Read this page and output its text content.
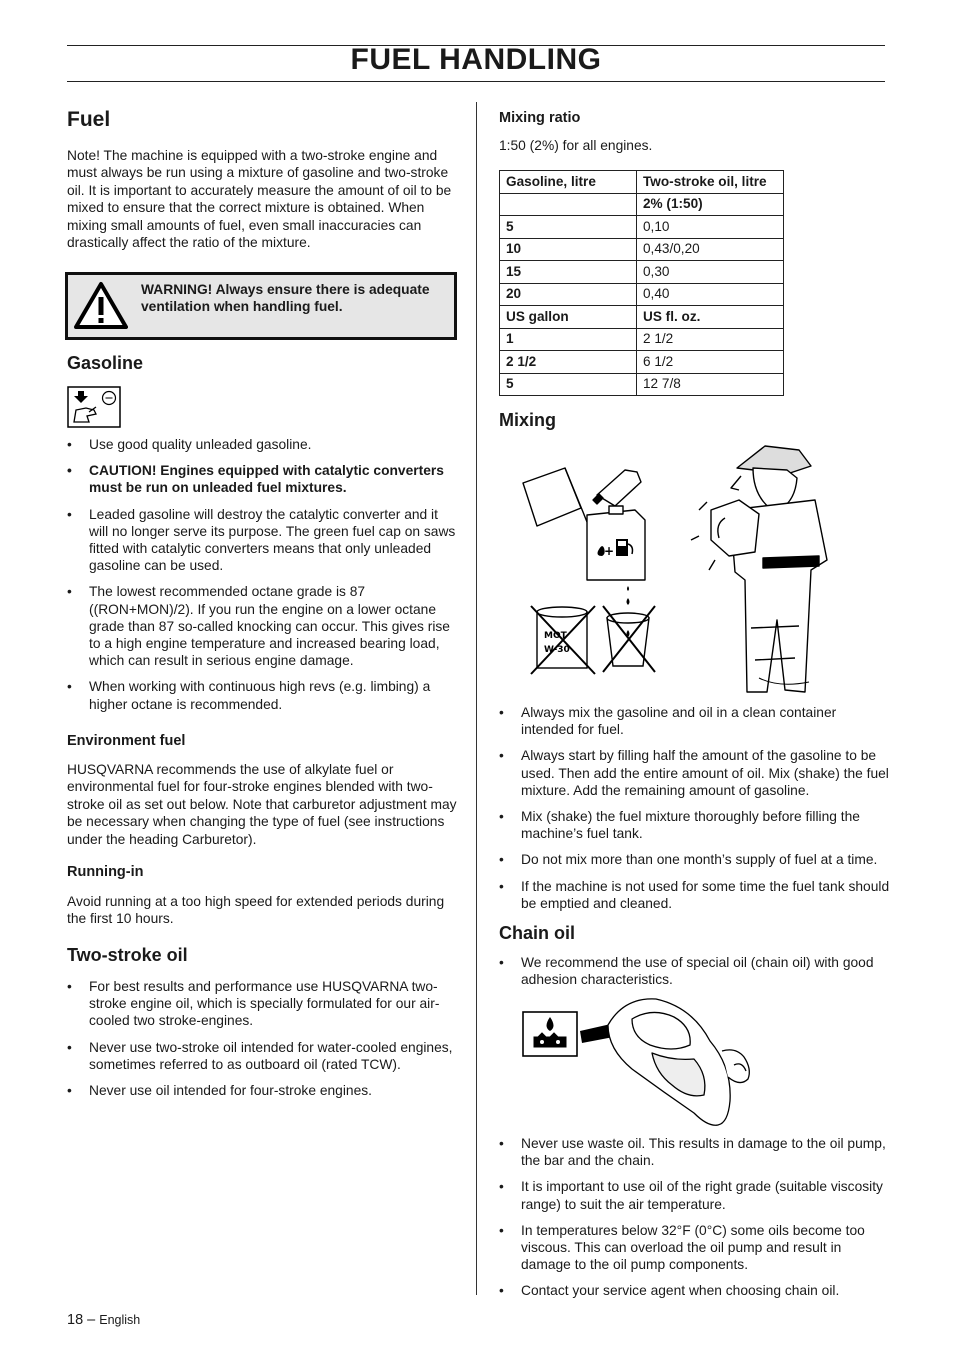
FUEL HANDLING
Fuel

Note! The machine is equipped with a two-stroke engine and must always be run using a mixture of gasoline and two-stroke oil. It is important to accurately measure the amount of oil to be mixed to ensure that the correct mixture is obtained. When mixing small amounts of fuel, even small inaccuracies can drastically affect the ratio of the mixture.

WARNING! Always ensure there is adequate ventilation when handling fuel.
Gasoline
• Use good quality unleaded gasoline.
• CAUTION! Engines equipped with catalytic converters must be run on unleaded fuel mixtures.
• Leaded gasoline will destroy the catalytic converter and it will no longer serve its purpose. The green fuel cap on saws fitted with catalytic converters means that only unleaded gasoline can be used.
• The lowest recommended octane grade is 87 ((RON+MON)/2). If you run the engine on a lower octane grade than 87 so-called knocking can occur. This gives rise to a high engine temperature and increased bearing load, which can result in serious engine damage.
• When working with continuous high revs (e.g. limbing) a higher octane is recommended.
Environment fuel

HUSQVARNA recommends the use of alkylate fuel or environmental fuel for four-stroke engines blended with two-stroke oil as set out below. Note that carburetor adjustment may be necessary when changing the type of fuel (see instructions under the heading Carburetor).

Running-in

Avoid running at a too high speed for extended periods during the first 10 hours.

Two-stroke oil
• For best results and performance use HUSQVARNA two-stroke engine oil, which is specially formulated for our air-cooled two stroke-engines.
• Never use two-stroke oil intended for water-cooled engines, sometimes referred to as outboard oil (rated TCW).
• Never use oil intended for four-stroke engines.
Mixing ratio

1:50 (2%) for all engines.

Gasoline, litre	Two-stroke oil, litre
	2% (1:50)
5	0,10
10	0,43/0,20
15	0,30
20	0,40
US gallon	US fl. oz.
1	2 1/2
2 1/2	6 1/2
5	12 7/8
Mixing
+
MOT
W-30
• Always mix the gasoline and oil in a clean container intended for fuel.
• Always start by filling half the amount of the gasoline to be used. Then add the entire amount of oil. Mix (shake) the fuel mixture. Add the remaining amount of gasoline.
• Mix (shake) the fuel mixture thoroughly before filling the machine’s fuel tank.
• Do not mix more than one month’s supply of fuel at a time.
• If the machine is not used for some time the fuel tank should be emptied and cleaned.
Chain oil
• We recommend the use of special oil (chain oil) with good adhesion characteristics.
• Never use waste oil. This results in damage to the oil pump, the bar and the chain.
• It is important to use oil of the right grade (suitable viscosity range) to suit the air temperature.
• In temperatures below 32°F (0°C) some oils become too viscous. This can overload the oil pump and result in damage to the oil pump components.
• Contact your service agent when choosing chain oil.
18 – English
